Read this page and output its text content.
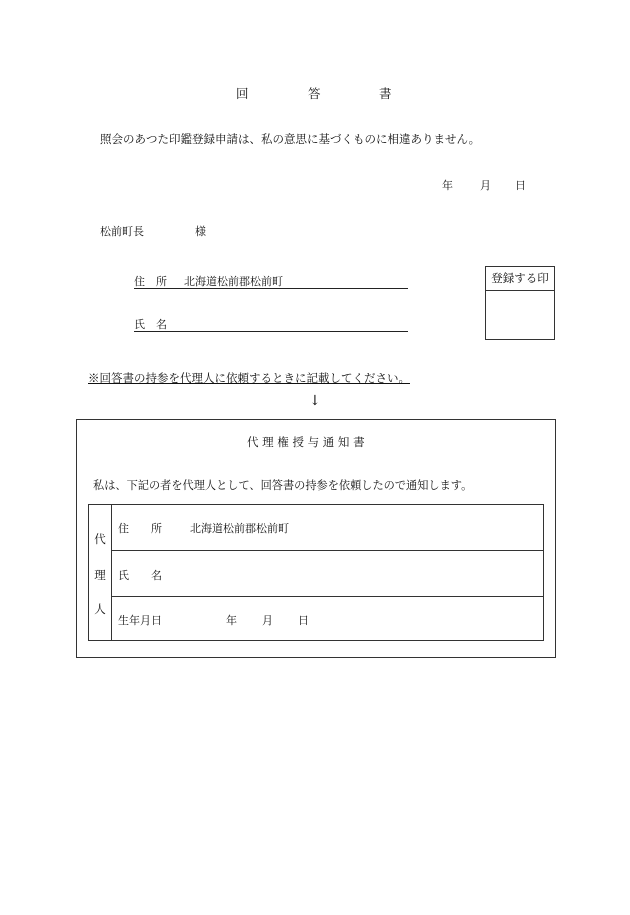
回	答	書
照会のあつた印鑑登録申請は、私の意思に基づくものに相違ありません。
年 月 日
松前町長	様
住　所 北海道松前郡松前町
氏　名
登録する印
※回答書の持参を代理人に依頼するときに記載してください。
↓
代 理 権 授 与 通 知 書
私は、下記の者を代理人として、回答書の持参を依頼したので通知します。
代
理
人
住　　所	北海道松前郡松前町
氏　　名
生年月日	年 月 日
